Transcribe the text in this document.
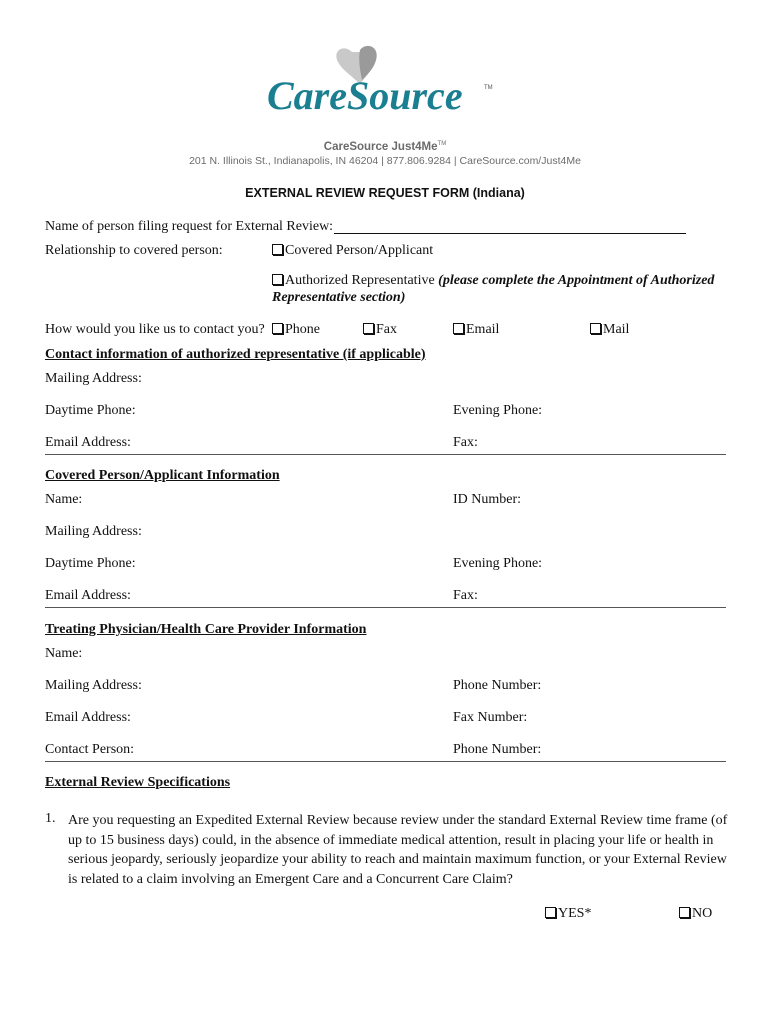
CareSource	TM
CareSource Just4Me™
201 N. Illinois St., Indianapolis, IN 46204 | 877.806.9284 | CareSource.com/Just4Me
EXTERNAL REVIEW REQUEST FORM (Indiana)
Name of person filing request for External Review:
Relationship to covered person:	Covered Person/Applicant
Authorized Representative (please complete the Appointment of Authorized
Representative section)
How would you like us to contact you?	Phone	Fax	Email	Mail
Contact information of authorized representative (if applicable)
Mailing Address:
Daytime Phone:	Evening Phone:
Email Address:	Fax:
Covered Person/Applicant Information
Name:	ID Number:
Mailing Address:
Daytime Phone:	Evening Phone:
Email Address:	Fax:
Treating Physician/Health Care Provider Information
Name:
Mailing Address:	Phone Number:
Email Address:	Fax Number:
Contact Person:	Phone Number:
External Review Specifications
1. Are you requesting an Expedited External Review because review under the standard External Review time frame (of up to 15 business days) could, in the absence of immediate medical attention, result in placing your life or health in serious jeopardy, seriously jeopardize your ability to reach and maintain maximum function, or your External Review is related to a claim involving an Emergent Care and a Concurrent Care Claim?
YES*	NO
